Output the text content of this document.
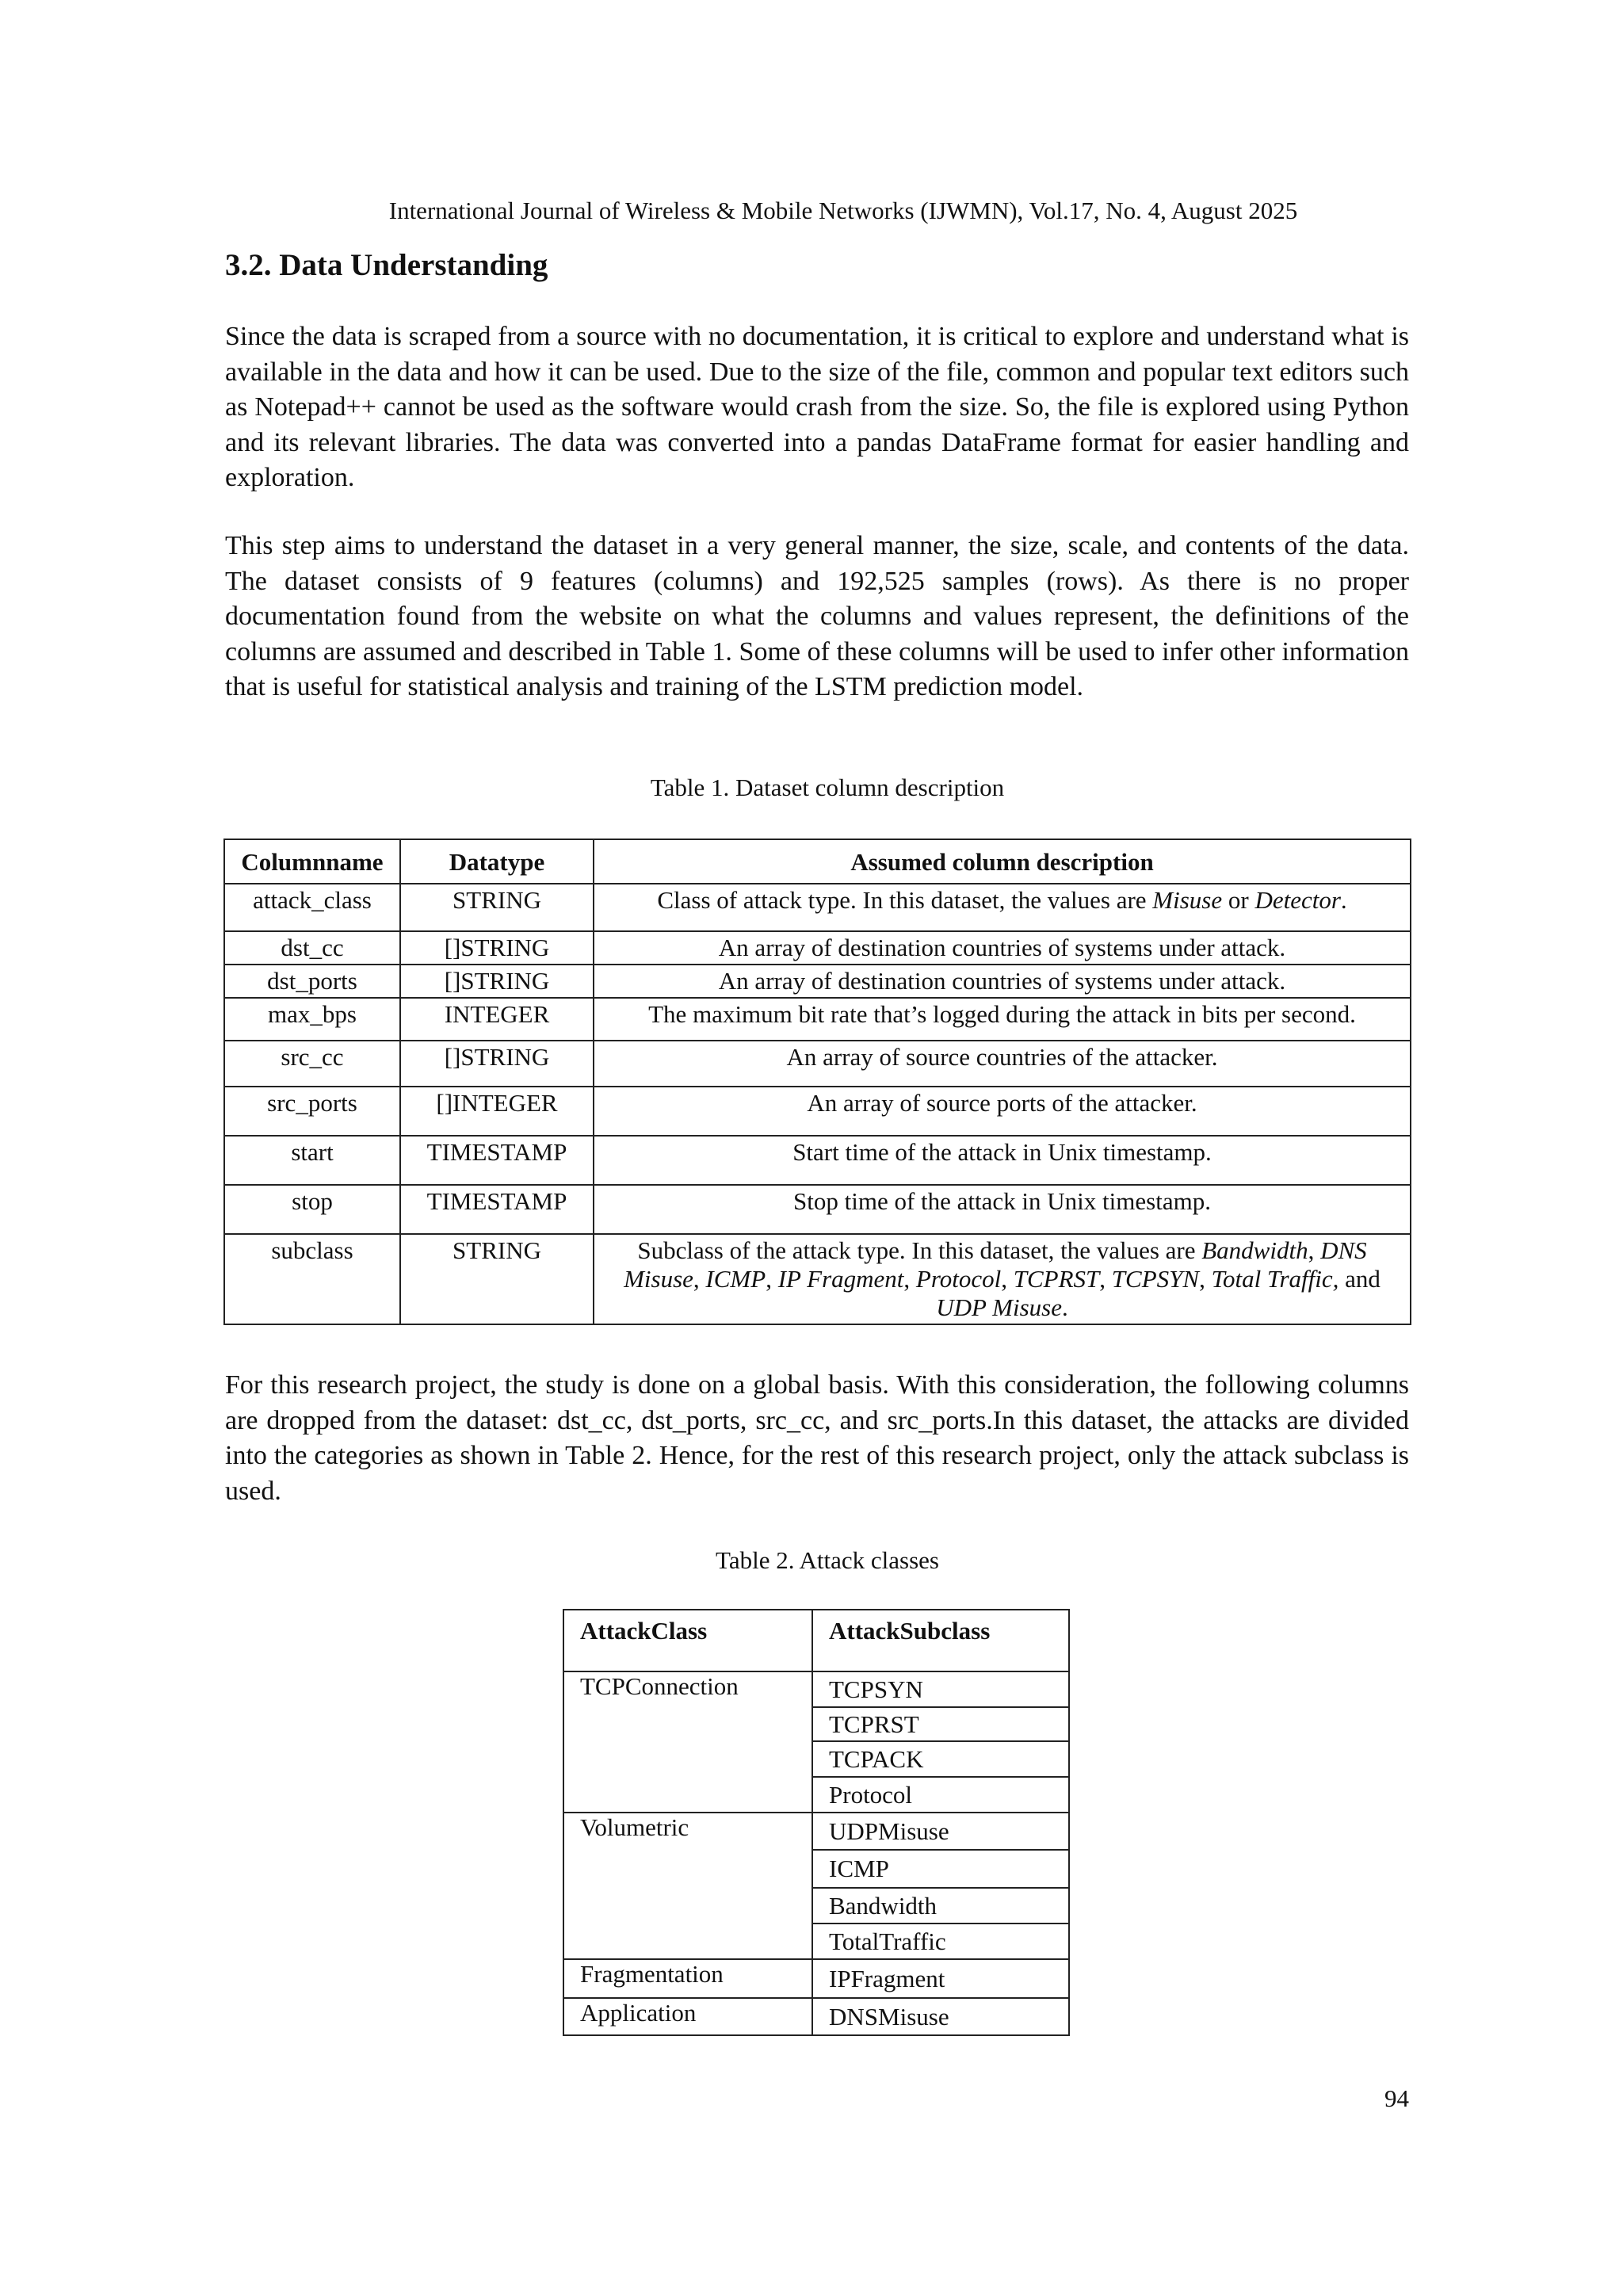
International Journal of Wireless & Mobile Networks (IJWMN), Vol.17, No. 4, August 2025
3.2. Data Understanding

Since the data is scraped from a source with no documentation, it is critical to explore and understand what is available in the data and how it can be used. Due to the size of the file, common and popular text editors such as Notepad++ cannot be used as the software would crash from the size. So, the file is explored using Python and its relevant libraries. The data was converted into a pandas DataFrame format for easier handling and exploration.

This step aims to understand the dataset in a very general manner, the size, scale, and contents of the data. The dataset consists of 9 features (columns) and 192,525 samples (rows). As there is no proper documentation found from the website on what the columns and values represent, the definitions of the columns are assumed and described in Table 1. Some of these columns will be used to infer other information that is useful for statistical analysis and training of the LSTM prediction model.

Table 1. Dataset column description
Columnname	Datatype	Assumed column description
attack_class	STRING	Class of attack type. In this dataset, the values are Misuse or Detector.
dst_cc	[]STRING	An array of destination countries of systems under attack.
dst_ports	[]STRING	An array of destination countries of systems under attack.
max_bps	INTEGER	The maximum bit rate that’s logged during the attack in bits per second.
src_cc	[]STRING	An array of source countries of the attacker.
src_ports	[]INTEGER	An array of source ports of the attacker.
start	TIMESTAMP	Start time of the attack in Unix timestamp.
stop	TIMESTAMP	Stop time of the attack in Unix timestamp.
subclass	STRING	Subclass of the attack type. In this dataset, the values are Bandwidth, DNS Misuse, ICMP, IP Fragment, Protocol, TCPRST, TCPSYN, Total Traffic, and UDP Misuse.

For this research project, the study is done on a global basis. With this consideration, the following columns are dropped from the dataset: dst_cc, dst_ports, src_cc, and src_ports.In this dataset, the attacks are divided into the categories as shown in Table 2. Hence, for the rest of this research project, only the attack subclass is used.

Table 2. Attack classes
AttackClass	AttackSubclass
TCPConnection	TCPSYN
	TCPRST
	TCPACK
	Protocol
Volumetric	UDPMisuse
	ICMP
	Bandwidth
	TotalTraffic
Fragmentation	IPFragment
Application	DNSMisuse
94
